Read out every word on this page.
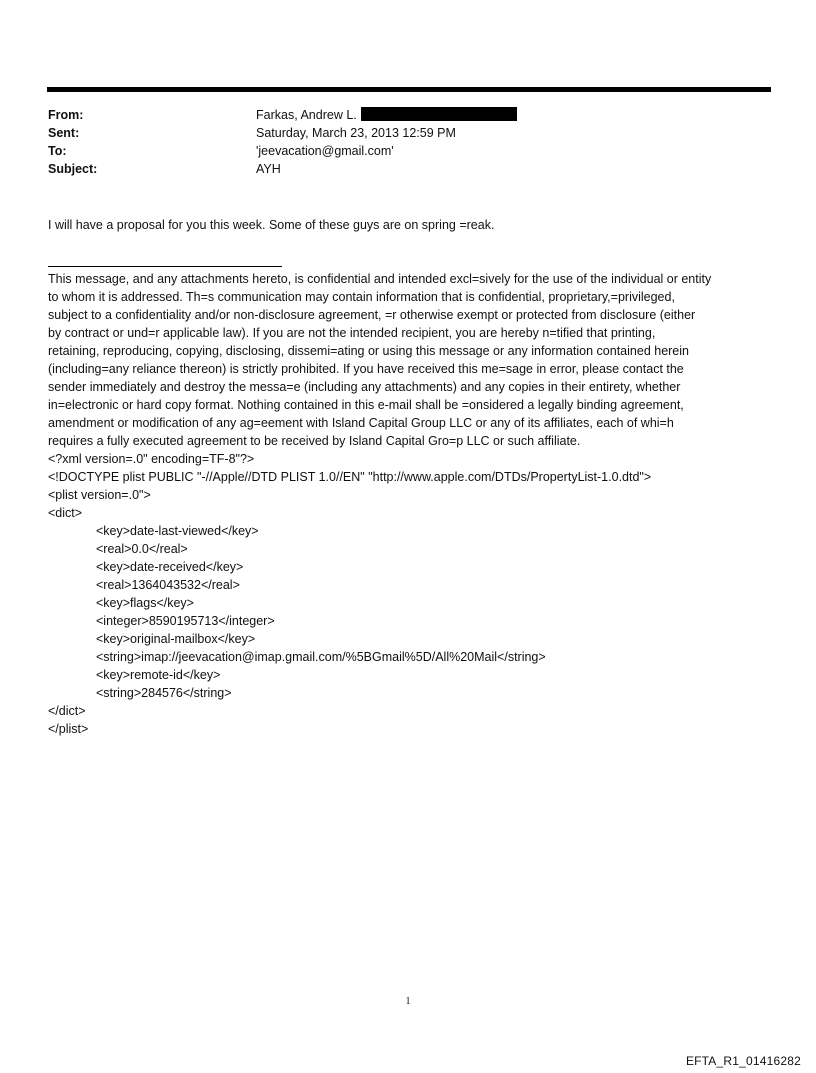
From:	Farkas, Andrew L.
Sent:	Saturday, March 23, 2013 12:59 PM
To:	'jeevacation@gmail.com'
Subject:	AYH
I will have a proposal for you this week. Some of these guys are on spring =reak.
This message, and any attachments hereto, is confidential and intended excl=sively for the use of the individual or entity
to whom it is addressed. Th=s communication may contain information that is confidential, proprietary,=privileged,
subject to a confidentiality and/or non-disclosure agreement, =r otherwise exempt or protected from disclosure (either
by contract or und=r applicable law). If you are not the intended recipient, you are hereby n=tified that printing,
retaining, reproducing, copying, disclosing, dissemi=ating or using this message or any information contained herein
(including=any reliance thereon) is strictly prohibited. If you have received this me=sage in error, please contact the
sender immediately and destroy the messa=e (including any attachments) and any copies in their entirety, whether
in=electronic or hard copy format. Nothing contained in this e-mail shall be =onsidered a legally binding agreement,
amendment or modification of any ag=eement with Island Capital Group LLC or any of its affiliates, each of whi=h
requires a fully executed agreement to be received by Island Capital Gro=p LLC or such affiliate.
<?xml version=.0" encoding=TF-8"?>
<!DOCTYPE plist PUBLIC "-//Apple//DTD PLIST 1.0//EN" "http://www.apple.com/DTDs/PropertyList-1.0.dtd">
<plist version=.0">
<dict>
<key>date-last-viewed</key>
<real>0.0</real>
<key>date-received</key>
<real>1364043532</real>
<key>flags</key>
<integer>8590195713</integer>
<key>original-mailbox</key>
<string>imap://jeevacation@imap.gmail.com/%5BGmail%5D/All%20Mail</string>
<key>remote-id</key>
<string>284576</string>
</dict>
</plist>
1
EFTA_R1_01416282
